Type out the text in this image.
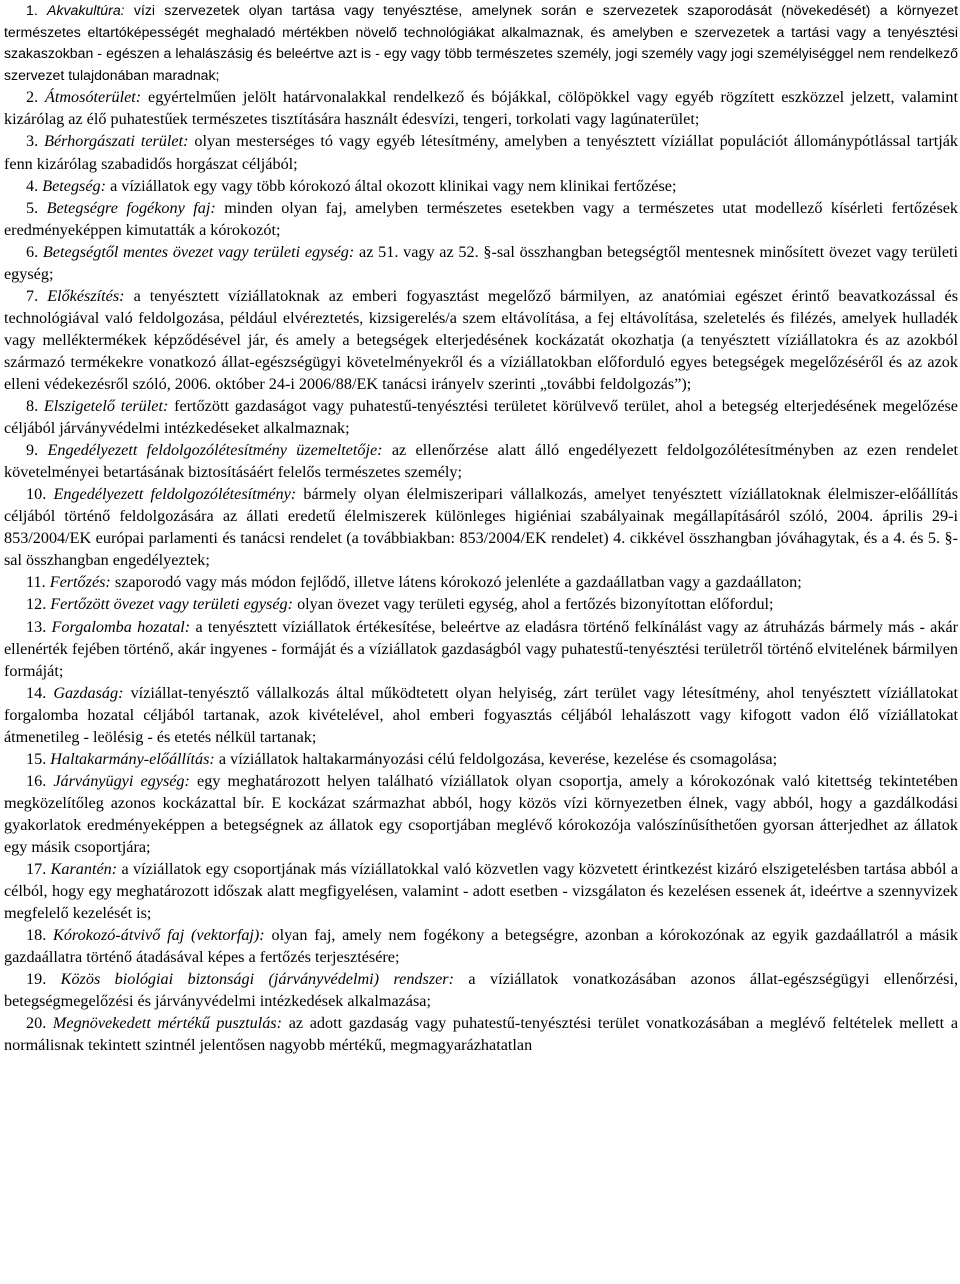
1. Akvakultúra: vízi szervezetek olyan tartása vagy tenyésztése, amelynek során e szervezetek szaporodását (növekedését) a környezet természetes eltartóképességét meghaladó mértékben növelő technológiákat alkalmaznak, és amelyben e szervezetek a tartási vagy a tenyésztési szakaszokban - egészen a lehalászásig és beleértve azt is - egy vagy több természetes személy, jogi személy vagy jogi személyiséggel nem rendelkező szervezet tulajdonában maradnak;

2. Átmosóterület: egyértelműen jelölt határvonalakkal rendelkező és bójákkal, cölöpökkel vagy egyéb rögzített eszközzel jelzett, valamint kizárólag az élő puhatestűek természetes tisztítására használt édesvízi, tengeri, torkolati vagy lagúnaterület;

3. Bérhorgászati terület: olyan mesterséges tó vagy egyéb létesítmény, amelyben a tenyésztett víziállat populációt állománypótlással tartják fenn kizárólag szabadidős horgászat céljából;

4. Betegség: a víziállatok egy vagy több kórokozó által okozott klinikai vagy nem klinikai fertőzése;

5. Betegségre fogékony faj: minden olyan faj, amelyben természetes esetekben vagy a természetes utat modellező kísérleti fertőzések eredményeképpen kimutatták a kórokozót;

6. Betegségtől mentes övezet vagy területi egység: az 51. vagy az 52. §-sal összhangban betegségtől mentesnek minősített övezet vagy területi egység;

7. Előkészítés: a tenyésztett víziállatoknak az emberi fogyasztást megelőző bármilyen, az anatómiai egészet érintő beavatkozással és technológiával való feldolgozása, például elvéreztetés, kizsigerelés/a szem eltávolítása, a fej eltávolítása, szeletelés és filézés, amelyek hulladék vagy melléktermékek képződésével jár, és amely a betegségek elterjedésének kockázatát okozhatja (a tenyésztett víziállatokra és az azokból származó termékekre vonatkozó állat-egészségügyi követelményekről és a víziállatokban előforduló egyes betegségek megelőzéséről és az azok elleni védekezésről szóló, 2006. október 24-i 2006/88/EK tanácsi irányelv szerinti „további feldolgozás”);

8. Elszigetelő terület: fertőzött gazdaságot vagy puhatestű-tenyésztési területet körülvevő terület, ahol a betegség elterjedésének megelőzése céljából járványvédelmi intézkedéseket alkalmaznak;

9. Engedélyezett feldolgozólétesítmény üzemeltetője: az ellenőrzése alatt álló engedélyezett feldolgozólétesítményben az ezen rendelet követelményei betartásának biztosításáért felelős természetes személy;

10. Engedélyezett feldolgozólétesítmény: bármely olyan élelmiszeripari vállalkozás, amelyet tenyésztett víziállatoknak élelmiszer-előállítás céljából történő feldolgozására az állati eredetű élelmiszerek különleges higiéniai szabályainak megállapításáról szóló, 2004. április 29-i 853/2004/EK európai parlamenti és tanácsi rendelet (a továbbiakban: 853/2004/EK rendelet) 4. cikkével összhangban jóváhagytak, és a 4. és 5. §-sal összhangban engedélyeztek;

11. Fertőzés: szaporodó vagy más módon fejlődő, illetve látens kórokozó jelenléte a gazdaállatban vagy a gazdaállaton;

12. Fertőzött övezet vagy területi egység: olyan övezet vagy területi egység, ahol a fertőzés bizonyítottan előfordul;

13. Forgalomba hozatal: a tenyésztett víziállatok értékesítése, beleértve az eladásra történő felkínálást vagy az átruházás bármely más - akár ellenérték fejében történő, akár ingyenes - formáját és a víziállatok gazdaságból vagy puhatestű-tenyésztési területről történő elvitelének bármilyen formáját;

14. Gazdaság: víziállat-tenyésztő vállalkozás által működtetett olyan helyiség, zárt terület vagy létesítmény, ahol tenyésztett víziállatokat forgalomba hozatal céljából tartanak, azok kivételével, ahol emberi fogyasztás céljából lehalászott vagy kifogott vadon élő víziállatokat átmenetileg - leölésig - és etetés nélkül tartanak;

15. Haltakarmány-előállítás: a víziállatok haltakarmányozási célú feldolgozása, keverése, kezelése és csomagolása;

16. Járványügyi egység: egy meghatározott helyen található víziállatok olyan csoportja, amely a kórokozónak való kitettség tekintetében megközelítőleg azonos kockázattal bír. E kockázat származhat abból, hogy közös vízi környezetben élnek, vagy abból, hogy a gazdálkodási gyakorlatok eredményeképpen a betegségnek az állatok egy csoportjában meglévő kórokozója valószínűsíthetően gyorsan átterjedhet az állatok egy másik csoportjára;

17. Karantén: a víziállatok egy csoportjának más víziállatokkal való közvetlen vagy közvetett érintkezést kizáró elszigetelésben tartása abból a célból, hogy egy meghatározott időszak alatt megfigyelésen, valamint - adott esetben - vizsgálaton és kezelésen essenek át, ideértve a szennyvizek megfelelő kezelését is;

18. Kórokozó-átvivő faj (vektorfaj): olyan faj, amely nem fogékony a betegségre, azonban a kórokozónak az egyik gazdaállatról a másik gazdaállatra történő átadásával képes a fertőzés terjesztésére;

19. Közös biológiai biztonsági (járványvédelmi) rendszer: a víziállatok vonatkozásában azonos állat-egészségügyi ellenőrzési, betegségmegelőzési és járványvédelmi intézkedések alkalmazása;

20. Megnövekedett mértékű pusztulás: az adott gazdaság vagy puhatestű-tenyésztési terület vonatkozásában a meglévő feltételek mellett a normálisnak tekintett szintnél jelentősen nagyobb mértékű, megmagyarázhatatlan
